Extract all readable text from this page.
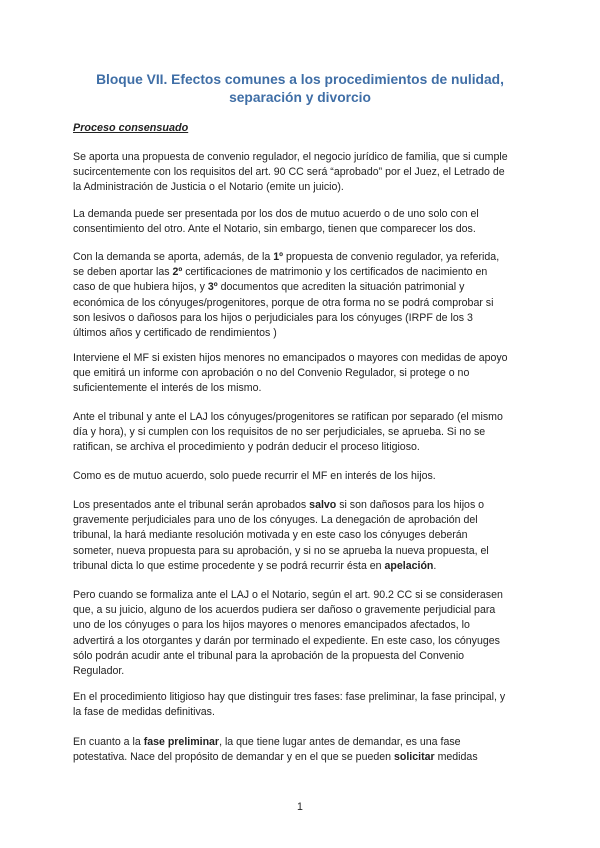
Bloque VII. Efectos comunes a los procedimientos de nulidad,
separación y divorcio
Proceso consensuado
Se aporta una propuesta de convenio regulador, el negocio jurídico de familia, que si cumple
sucircentemente con los requisitos del art. 90 CC será “aprobado” por el Juez, el Letrado de
la Administración de Justicia o el Notario (emite un juicio).
La demanda puede ser presentada por los dos de mutuo acuerdo o de uno solo con el
consentimiento del otro. Ante el Notario, sin embargo, tienen que comparecer los dos.
Con la demanda se aporta, además, de la 1º propuesta de convenio regulador, ya referida,
se deben aportar las 2º certificaciones de matrimonio y los certificados de nacimiento en
caso de que hubiera hijos, y 3º documentos que acrediten la situación patrimonial y
económica de los cónyuges/progenitores, porque de otra forma no se podrá comprobar si
son lesivos o dañosos para los hijos o perjudiciales para los cónyuges (IRPF de los 3
últimos años y certificado de rendimientos )
Interviene el MF si existen hijos menores no emancipados o mayores con medidas de apoyo
que emitirá un informe con aprobación o no del Convenio Regulador, si protege o no
suficientemente el interés de los mismo.
Ante el tribunal y ante el LAJ los cónyuges/progenitores se ratifican por separado (el mismo
día y hora), y si cumplen con los requisitos de no ser perjudiciales, se aprueba. Si no se
ratifican, se archiva el procedimiento y podrán deducir el proceso litigioso.
Como es de mutuo acuerdo, solo puede recurrir el MF en interés de los hijos.
Los presentados ante el tribunal serán aprobados salvo si son dañosos para los hijos o
gravemente perjudiciales para uno de los cónyuges. La denegación de aprobación del
tribunal, la hará mediante resolución motivada y en este caso los cónyuges deberán
someter, nueva propuesta para su aprobación, y si no se aprueba la nueva propuesta, el
tribunal dicta lo que estime procedente y se podrá recurrir ésta en apelación.
Pero cuando se formaliza ante el LAJ o el Notario, según el art. 90.2 CC si se considerasen
que, a su juicio, alguno de los acuerdos pudiera ser dañoso o gravemente perjudicial para
uno de los cónyuges o para los hijos mayores o menores emancipados afectados, lo
advertirá a los otorgantes y darán por terminado el expediente. En este caso, los cónyuges
sólo podrán acudir ante el tribunal para la aprobación de la propuesta del Convenio
Regulador.
En el procedimiento litigioso hay que distinguir tres fases: fase preliminar, la fase principal, y
la fase de medidas definitivas.
En cuanto a la fase preliminar, la que tiene lugar antes de demandar, es una fase
potestativa. Nace del propósito de demandar y en el que se pueden solicitar medidas
1
